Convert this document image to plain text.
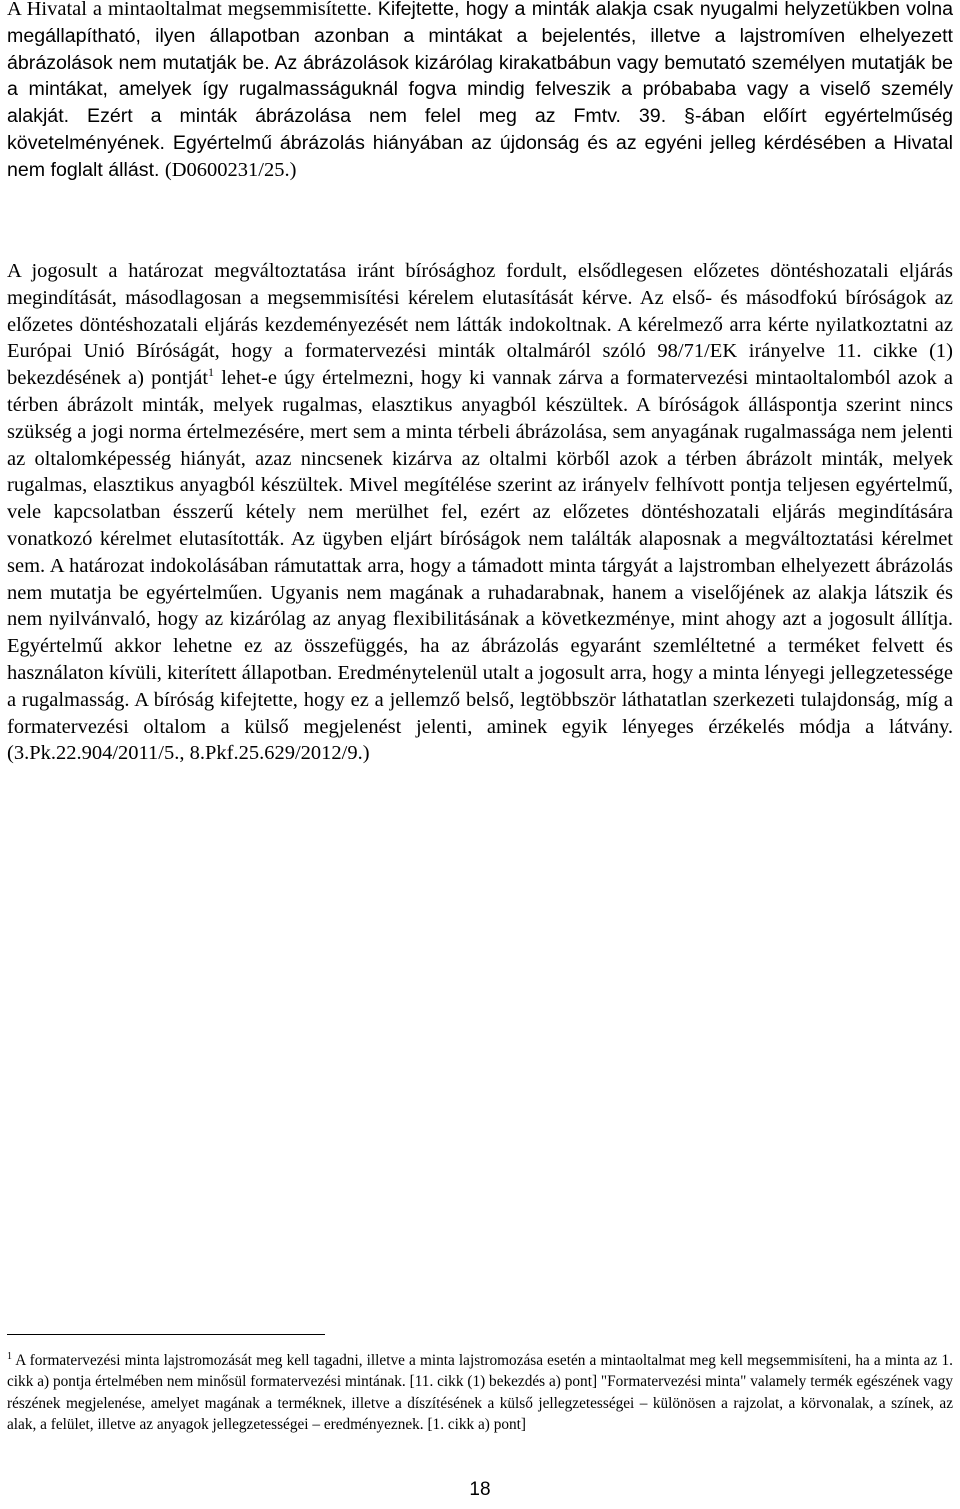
A Hivatal a mintaoltalmat megsemmisítette. Kifejtette, hogy a minták alakja csak nyugalmi helyzetükben volna megállapítható, ilyen állapotban azonban a mintákat a bejelentés, illetve a lajstromíven elhelyezett ábrázolások nem mutatják be. Az ábrázolások kizárólag kirakatbábun vagy bemutató személyen mutatják be a mintákat, amelyek így rugalmasságuknál fogva mindig felveszik a próbababa vagy a viselő személy alakját. Ezért a minták ábrázolása nem felel meg az Fmtv. 39. §-ában előírt egyértelműség követelményének. Egyértelmű ábrázolás hiányában az újdonság és az egyéni jelleg kérdésében a Hivatal nem foglalt állást. (D0600231/25.)

A jogosult a határozat megváltoztatása iránt bírósághoz fordult, elsődlegesen előzetes döntéshozatali eljárás megindítását, másodlagosan a megsemmisítési kérelem elutasítását kérve. Az első- és másodfokú bíróságok az előzetes döntéshozatali eljárás kezdeményezését nem látták indokoltnak. A kérelmező arra kérte nyilatkoztatni az Európai Unió Bíróságát, hogy a formatervezési minták oltalmáról szóló 98/71/EK irányelve 11. cikke (1) bekezdésének a) pontját$^1$ lehet-e úgy értelmezni, hogy ki vannak zárva a formatervezési mintaoltalomból azok a térben ábrázolt minták, melyek rugalmas, elasztikus anyagból készültek. A bíróságok álláspontja szerint nincs szükség a jogi norma értelmezésére, mert sem a minta térbeli ábrázolása, sem anyagának rugalmassága nem jelenti az oltalomképesség hiányát, azaz nincsenek kizárva az oltalmi körből azok a térben ábrázolt minták, melyek rugalmas, elasztikus anyagból készültek. Mivel megítélése szerint az irányelv felhívott pontja teljesen egyértelmű, vele kapcsolatban ésszerű kétely nem merülhet fel, ezért az előzetes döntéshozatali eljárás megindítására vonatkozó kérelmet elutasították. Az ügyben eljárt bíróságok nem találták alaposnak a megváltoztatási kérelmet sem. A határozat indokolásában rámutattak arra, hogy a támadott minta tárgyát a lajstromban elhelyezett ábrázolás nem mutatja be egyértelműen. Ugyanis nem magának a ruhadarabnak, hanem a viselőjének az alakja látszik és nem nyilvánvaló, hogy az kizárólag az anyag flexibilitásának a következménye, mint ahogy azt a jogosult állítja. Egyértelmű akkor lehetne ez az összefüggés, ha az ábrázolás egyaránt szemléltetné a terméket felvett és használaton kívüli, kiterített állapotban. Eredménytelenül utalt a jogosult arra, hogy a minta lényegi jellegzetessége a rugalmasság. A bíróság kifejtette, hogy ez a jellemző belső, legtöbbször láthatatlan szerkezeti tulajdonság, míg a formatervezési oltalom a külső megjelenést jelenti, aminek egyik lényeges érzékelés módja a látvány. (3.Pk.22.904/2011/5., 8.Pkf.25.629/2012/9.)

$^1$ A formatervezési minta lajstromozását meg kell tagadni, illetve a minta lajstromozása esetén a mintaoltalmat meg kell megsemmisíteni, ha a minta az 1. cikk a) pontja értelmében nem minősül formatervezési mintának. [11. cikk (1) bekezdés a) pont] "Formatervezési minta" valamely termék egészének vagy részének megjelenése, amelyet magának a terméknek, illetve a díszítésének a külső jellegzetességei – különösen a rajzolat, a körvonalak, a színek, az alak, a felület, illetve az anyagok jellegzetességei – eredményeznek. [1. cikk a) pont]

18
